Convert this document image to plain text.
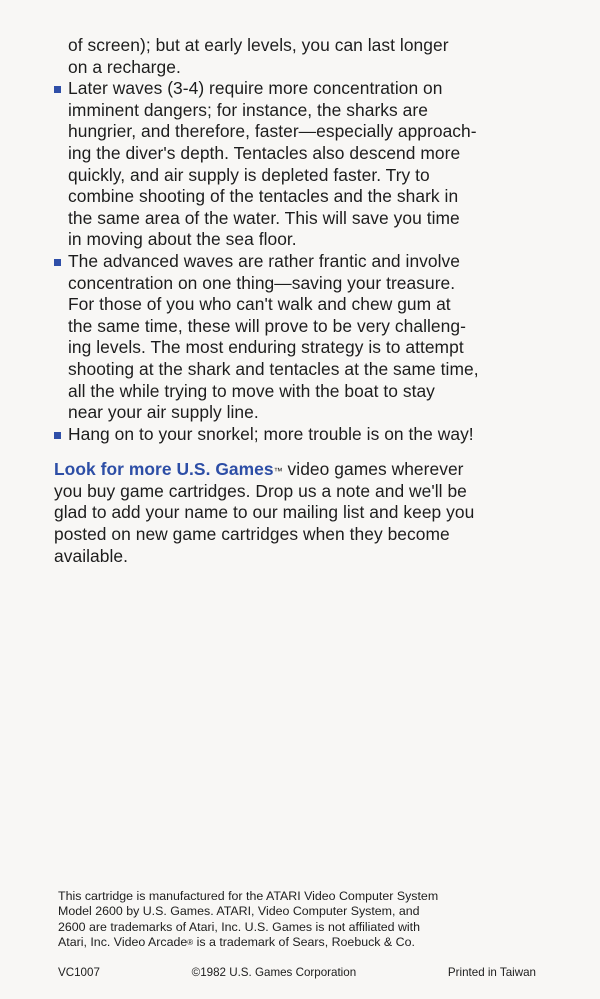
of screen); but at early levels, you can last longer
on a recharge.
Later waves (3-4) require more concentration on
imminent dangers; for instance, the sharks are
hungrier, and therefore, faster—especially approach-
ing the diver's depth. Tentacles also descend more
quickly, and air supply is depleted faster. Try to
combine shooting of the tentacles and the shark in
the same area of the water. This will save you time
in moving about the sea floor.
The advanced waves are rather frantic and involve
concentration on one thing—saving your treasure.
For those of you who can't walk and chew gum at
the same time, these will prove to be very challeng-
ing levels. The most enduring strategy is to attempt
shooting at the shark and tentacles at the same time,
all the while trying to move with the boat to stay
near your air supply line.
Hang on to your snorkel; more trouble is on the way!
Look for more U.S. Games™ video games wherever
you buy game cartridges. Drop us a note and we'll be
glad to add your name to our mailing list and keep you
posted on new game cartridges when they become
available.
This cartridge is manufactured for the ATARI Video Computer System
Model 2600 by U.S. Games. ATARI, Video Computer System, and
2600 are trademarks of Atari, Inc. U.S. Games is not affiliated with
Atari, Inc. Video Arcade® is a trademark of Sears, Roebuck & Co.
VC1007	©1982 U.S. Games Corporation	Printed in Taiwan
